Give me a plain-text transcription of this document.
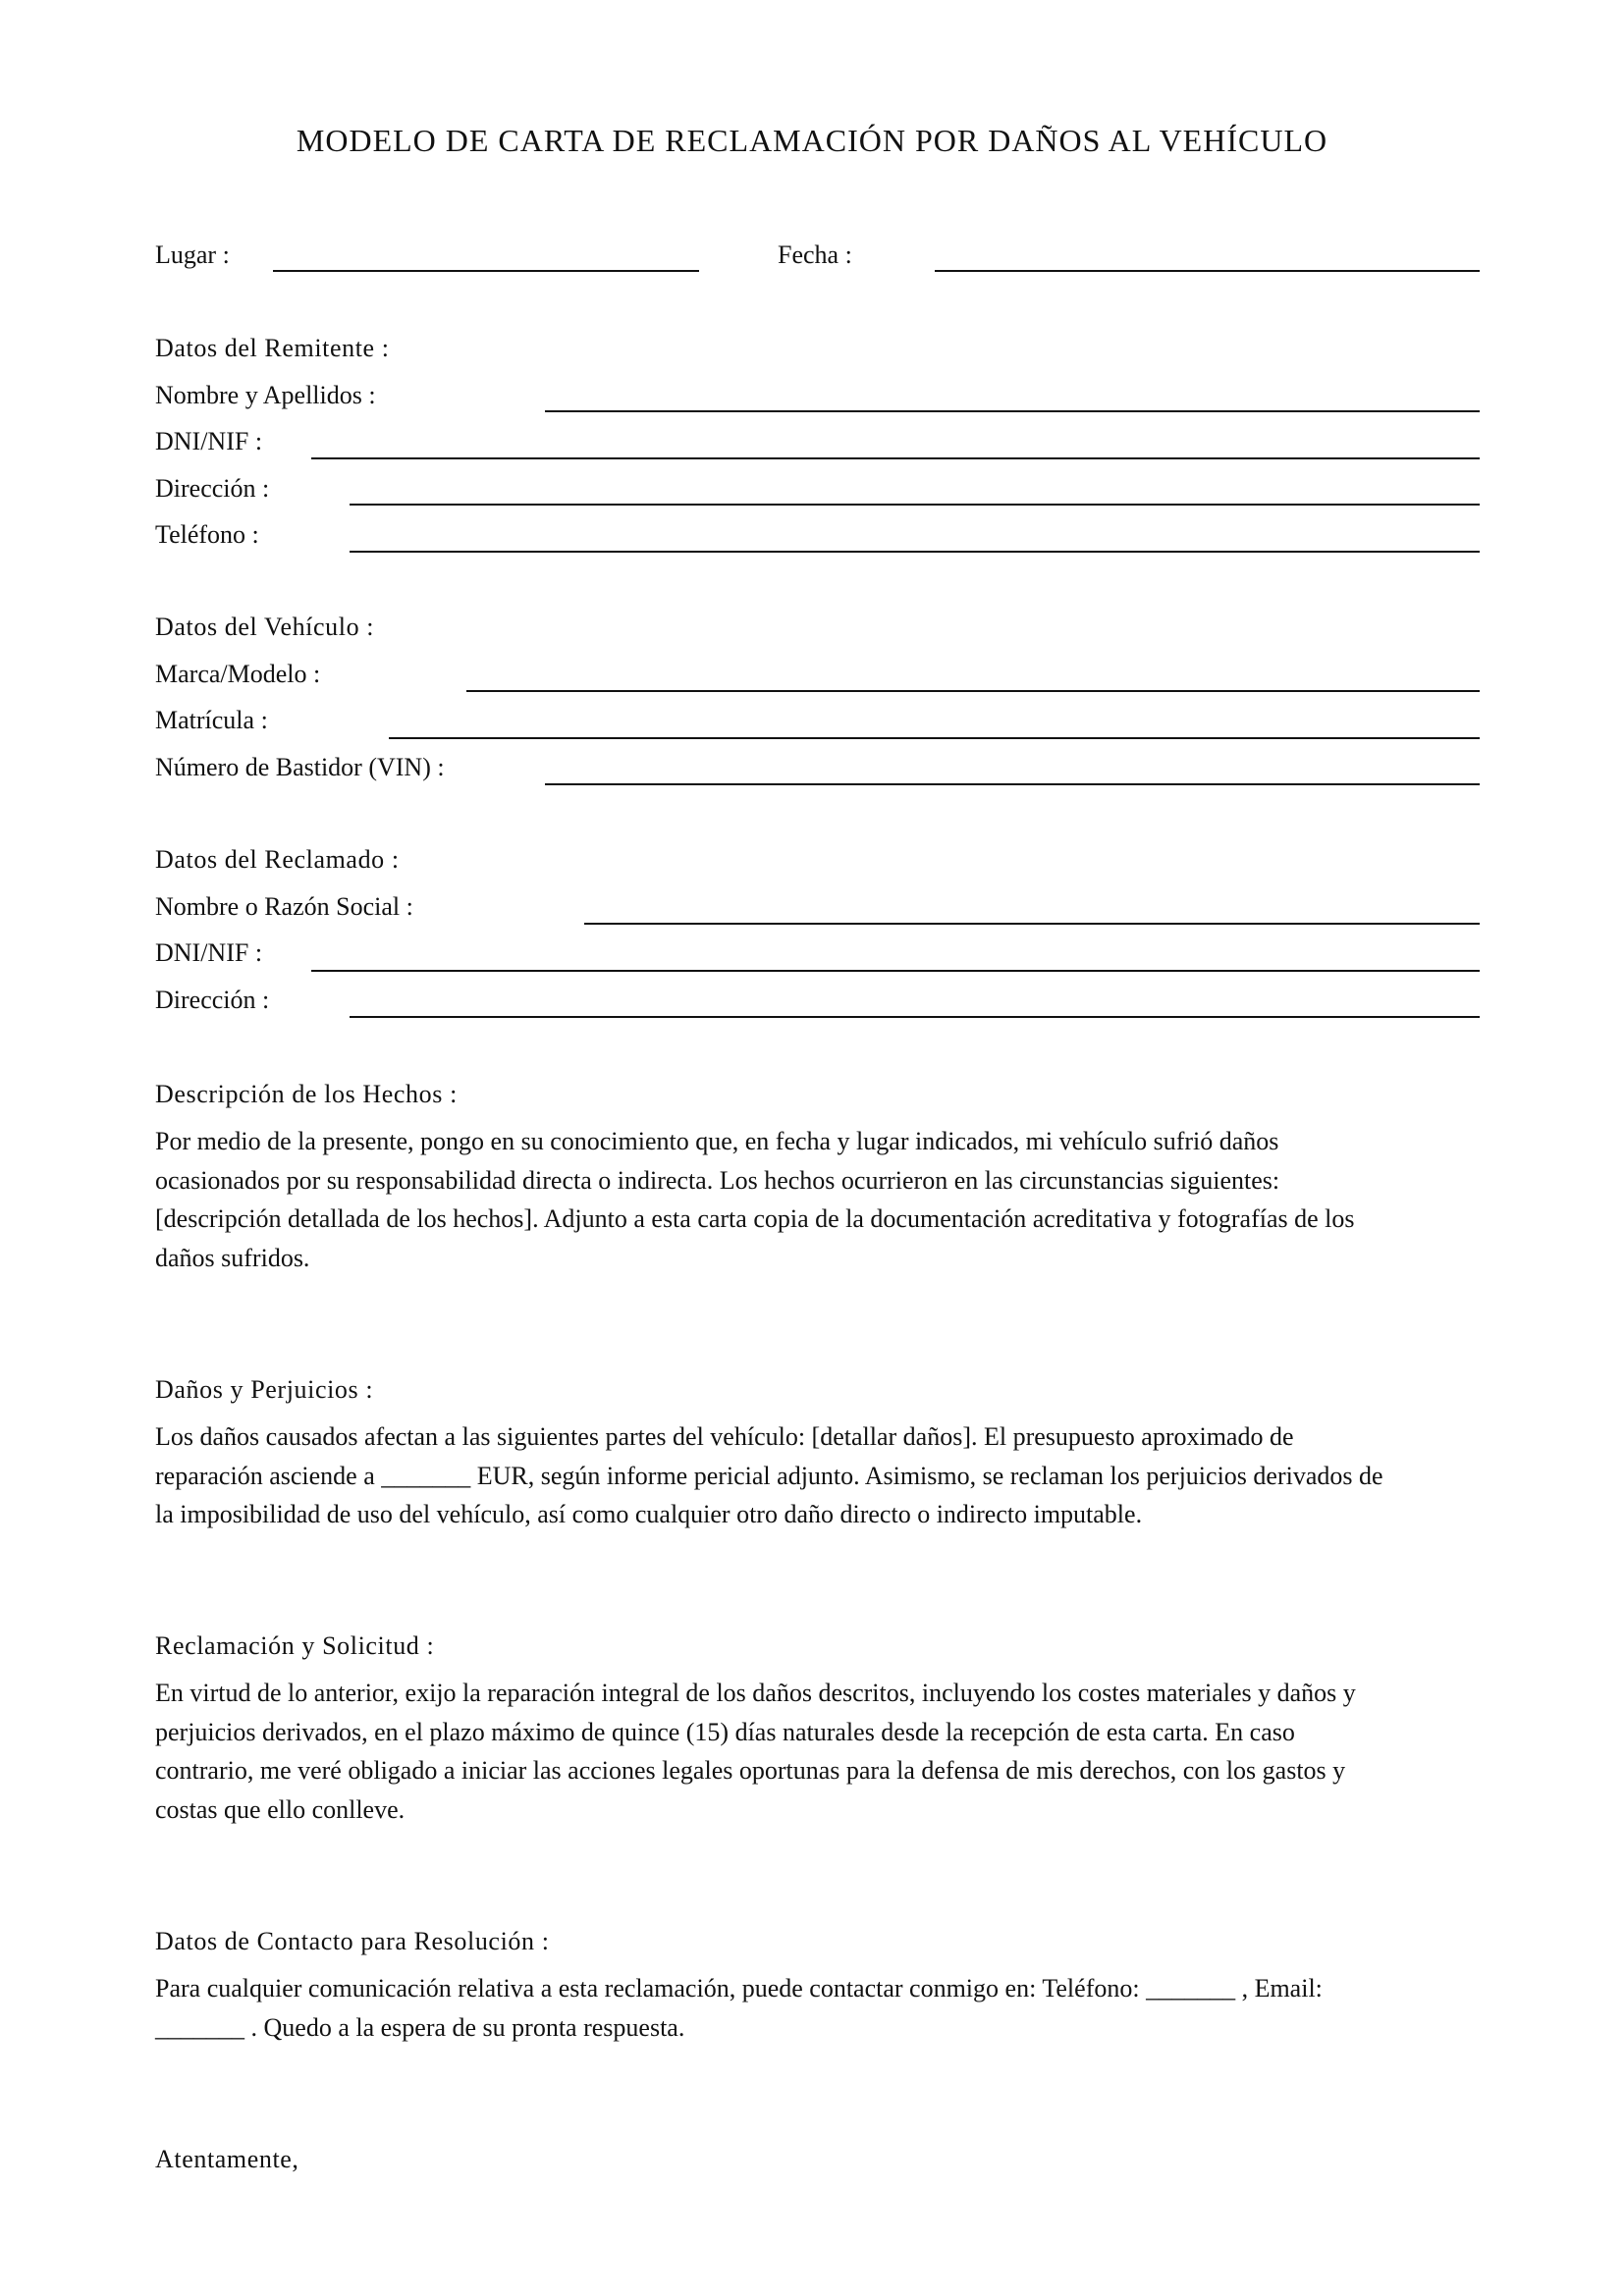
MODELO DE CARTA DE RECLAMACIÓN POR DAÑOS AL VEHÍCULO
Lugar :	Fecha :
Datos del Remitente :
Nombre y Apellidos :
DNI/NIF :
Dirección :
Teléfono :
Datos del Vehículo :
Marca/Modelo :
Matrícula :
Número de Bastidor (VIN) :
Datos del Reclamado :
Nombre o Razón Social :
DNI/NIF :
Dirección :
Descripción de los Hechos :
Por medio de la presente, pongo en su conocimiento que, en fecha y lugar indicados, mi vehículo sufrió daños
ocasionados por su responsabilidad directa o indirecta. Los hechos ocurrieron en las circunstancias siguientes:
[descripción detallada de los hechos]. Adjunto a esta carta copia de la documentación acreditativa y fotografías de los
daños sufridos.
Daños y Perjuicios :
Los daños causados afectan a las siguientes partes del vehículo: [detallar daños]. El presupuesto aproximado de
reparación asciende a _______ EUR, según informe pericial adjunto. Asimismo, se reclaman los perjuicios derivados de
la imposibilidad de uso del vehículo, así como cualquier otro daño directo o indirecto imputable.
Reclamación y Solicitud :
En virtud de lo anterior, exijo la reparación integral de los daños descritos, incluyendo los costes materiales y daños y
perjuicios derivados, en el plazo máximo de quince (15) días naturales desde la recepción de esta carta. En caso
contrario, me veré obligado a iniciar las acciones legales oportunas para la defensa de mis derechos, con los gastos y
costas que ello conlleve.
Datos de Contacto para Resolución :
Para cualquier comunicación relativa a esta reclamación, puede contactar conmigo en: Teléfono: _______ , Email:
_______ . Quedo a la espera de su pronta respuesta.
Atentamente,
